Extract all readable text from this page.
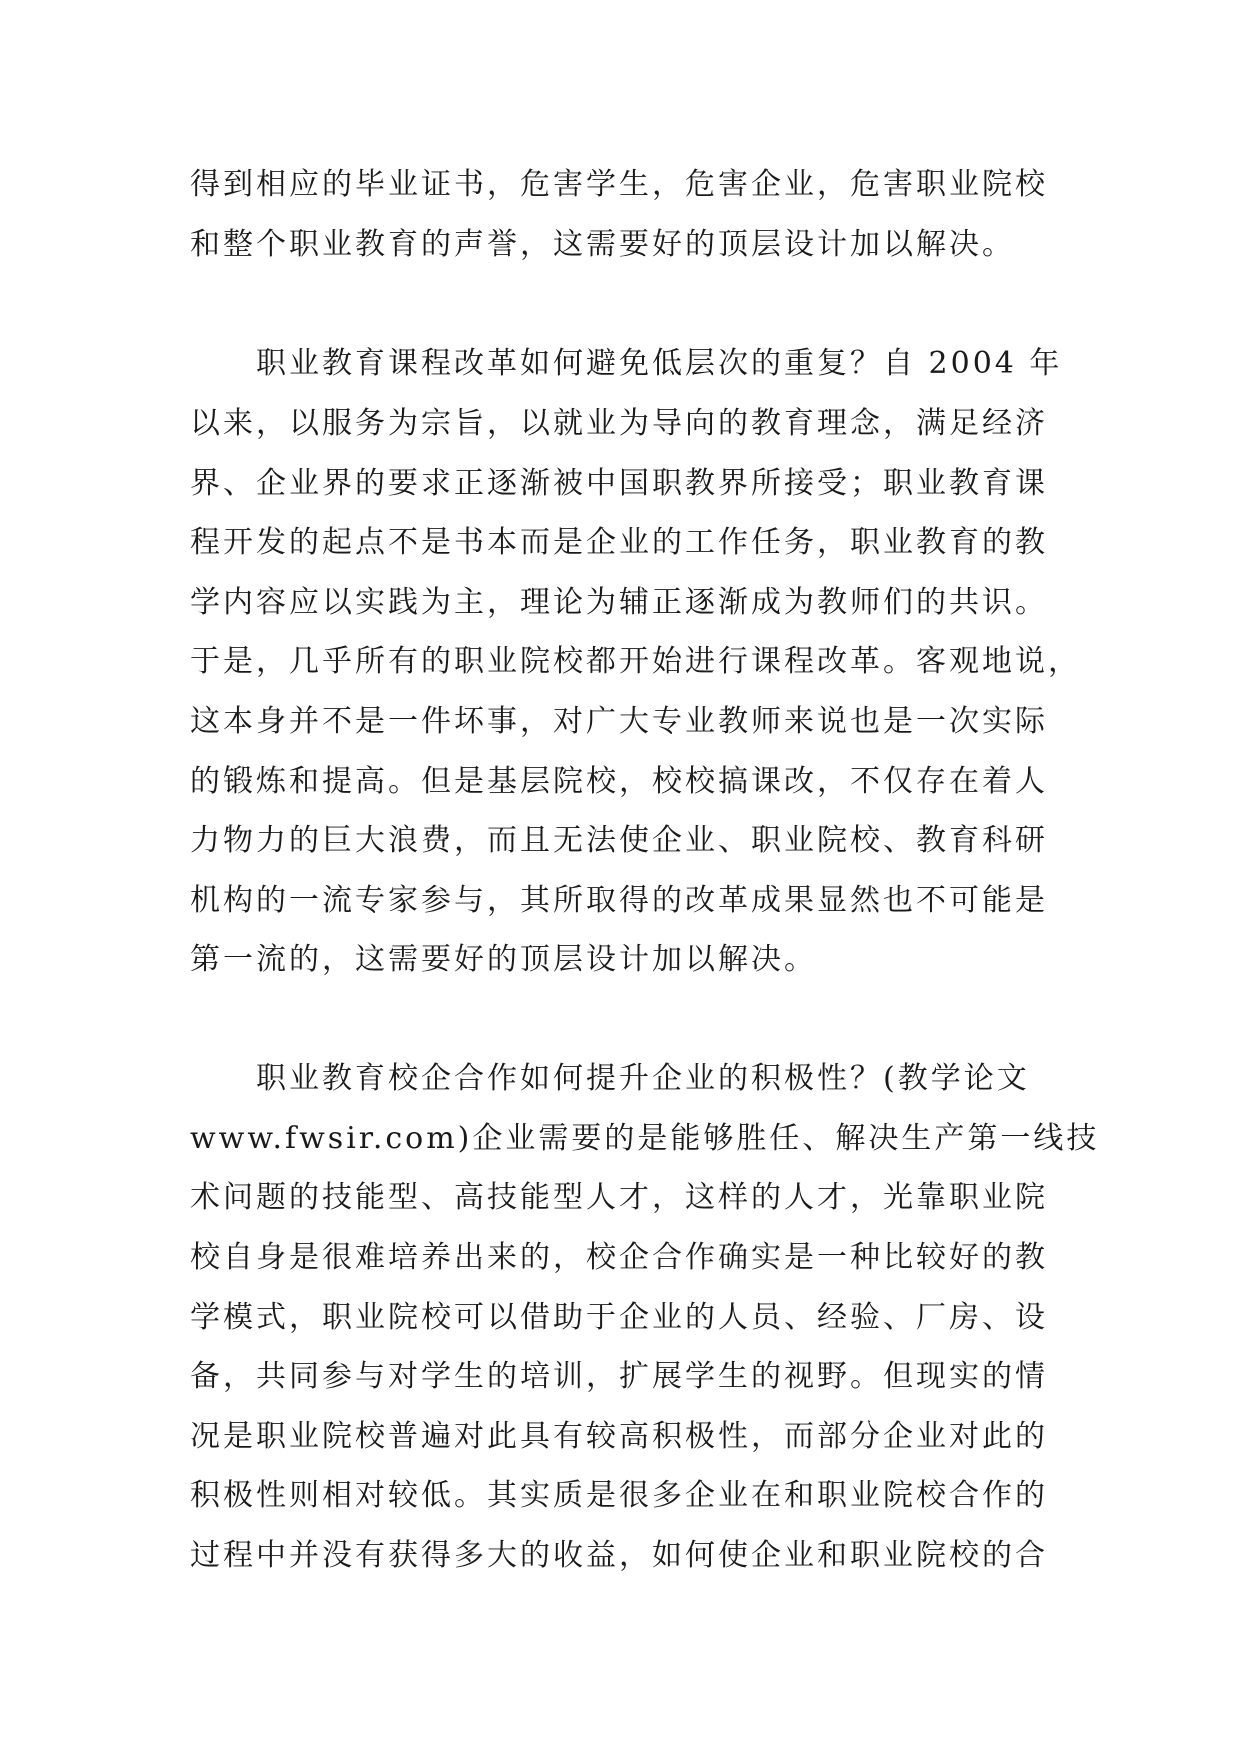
得到相应的毕业证书，危害学生，危害企业，危害职业院校
和整个职业教育的声誉，这需要好的顶层设计加以解决。
职业教育课程改革如何避免低层次的重复？自 2004 年
以来，以服务为宗旨，以就业为导向的教育理念，满足经济
界、企业界的要求正逐渐被中国职教界所接受；职业教育课
程开发的起点不是书本而是企业的工作任务，职业教育的教
学内容应以实践为主，理论为辅正逐渐成为教师们的共识。
于是，几乎所有的职业院校都开始进行课程改革。客观地说，
这本身并不是一件坏事，对广大专业教师来说也是一次实际
的锻炼和提高。但是基层院校，校校搞课改，不仅存在着人
力物力的巨大浪费，而且无法使企业、职业院校、教育科研
机构的一流专家参与，其所取得的改革成果显然也不可能是
第一流的，这需要好的顶层设计加以解决。
职业教育校企合作如何提升企业的积极性？(教学论文
www.fwsir.com)企业需要的是能够胜任、解决生产第一线技
术问题的技能型、高技能型人才，这样的人才，光靠职业院
校自身是很难培养出来的，校企合作确实是一种比较好的教
学模式，职业院校可以借助于企业的人员、经验、厂房、设
备，共同参与对学生的培训，扩展学生的视野。但现实的情
况是职业院校普遍对此具有较高积极性，而部分企业对此的
积极性则相对较低。其实质是很多企业在和职业院校合作的
过程中并没有获得多大的收益，如何使企业和职业院校的合
